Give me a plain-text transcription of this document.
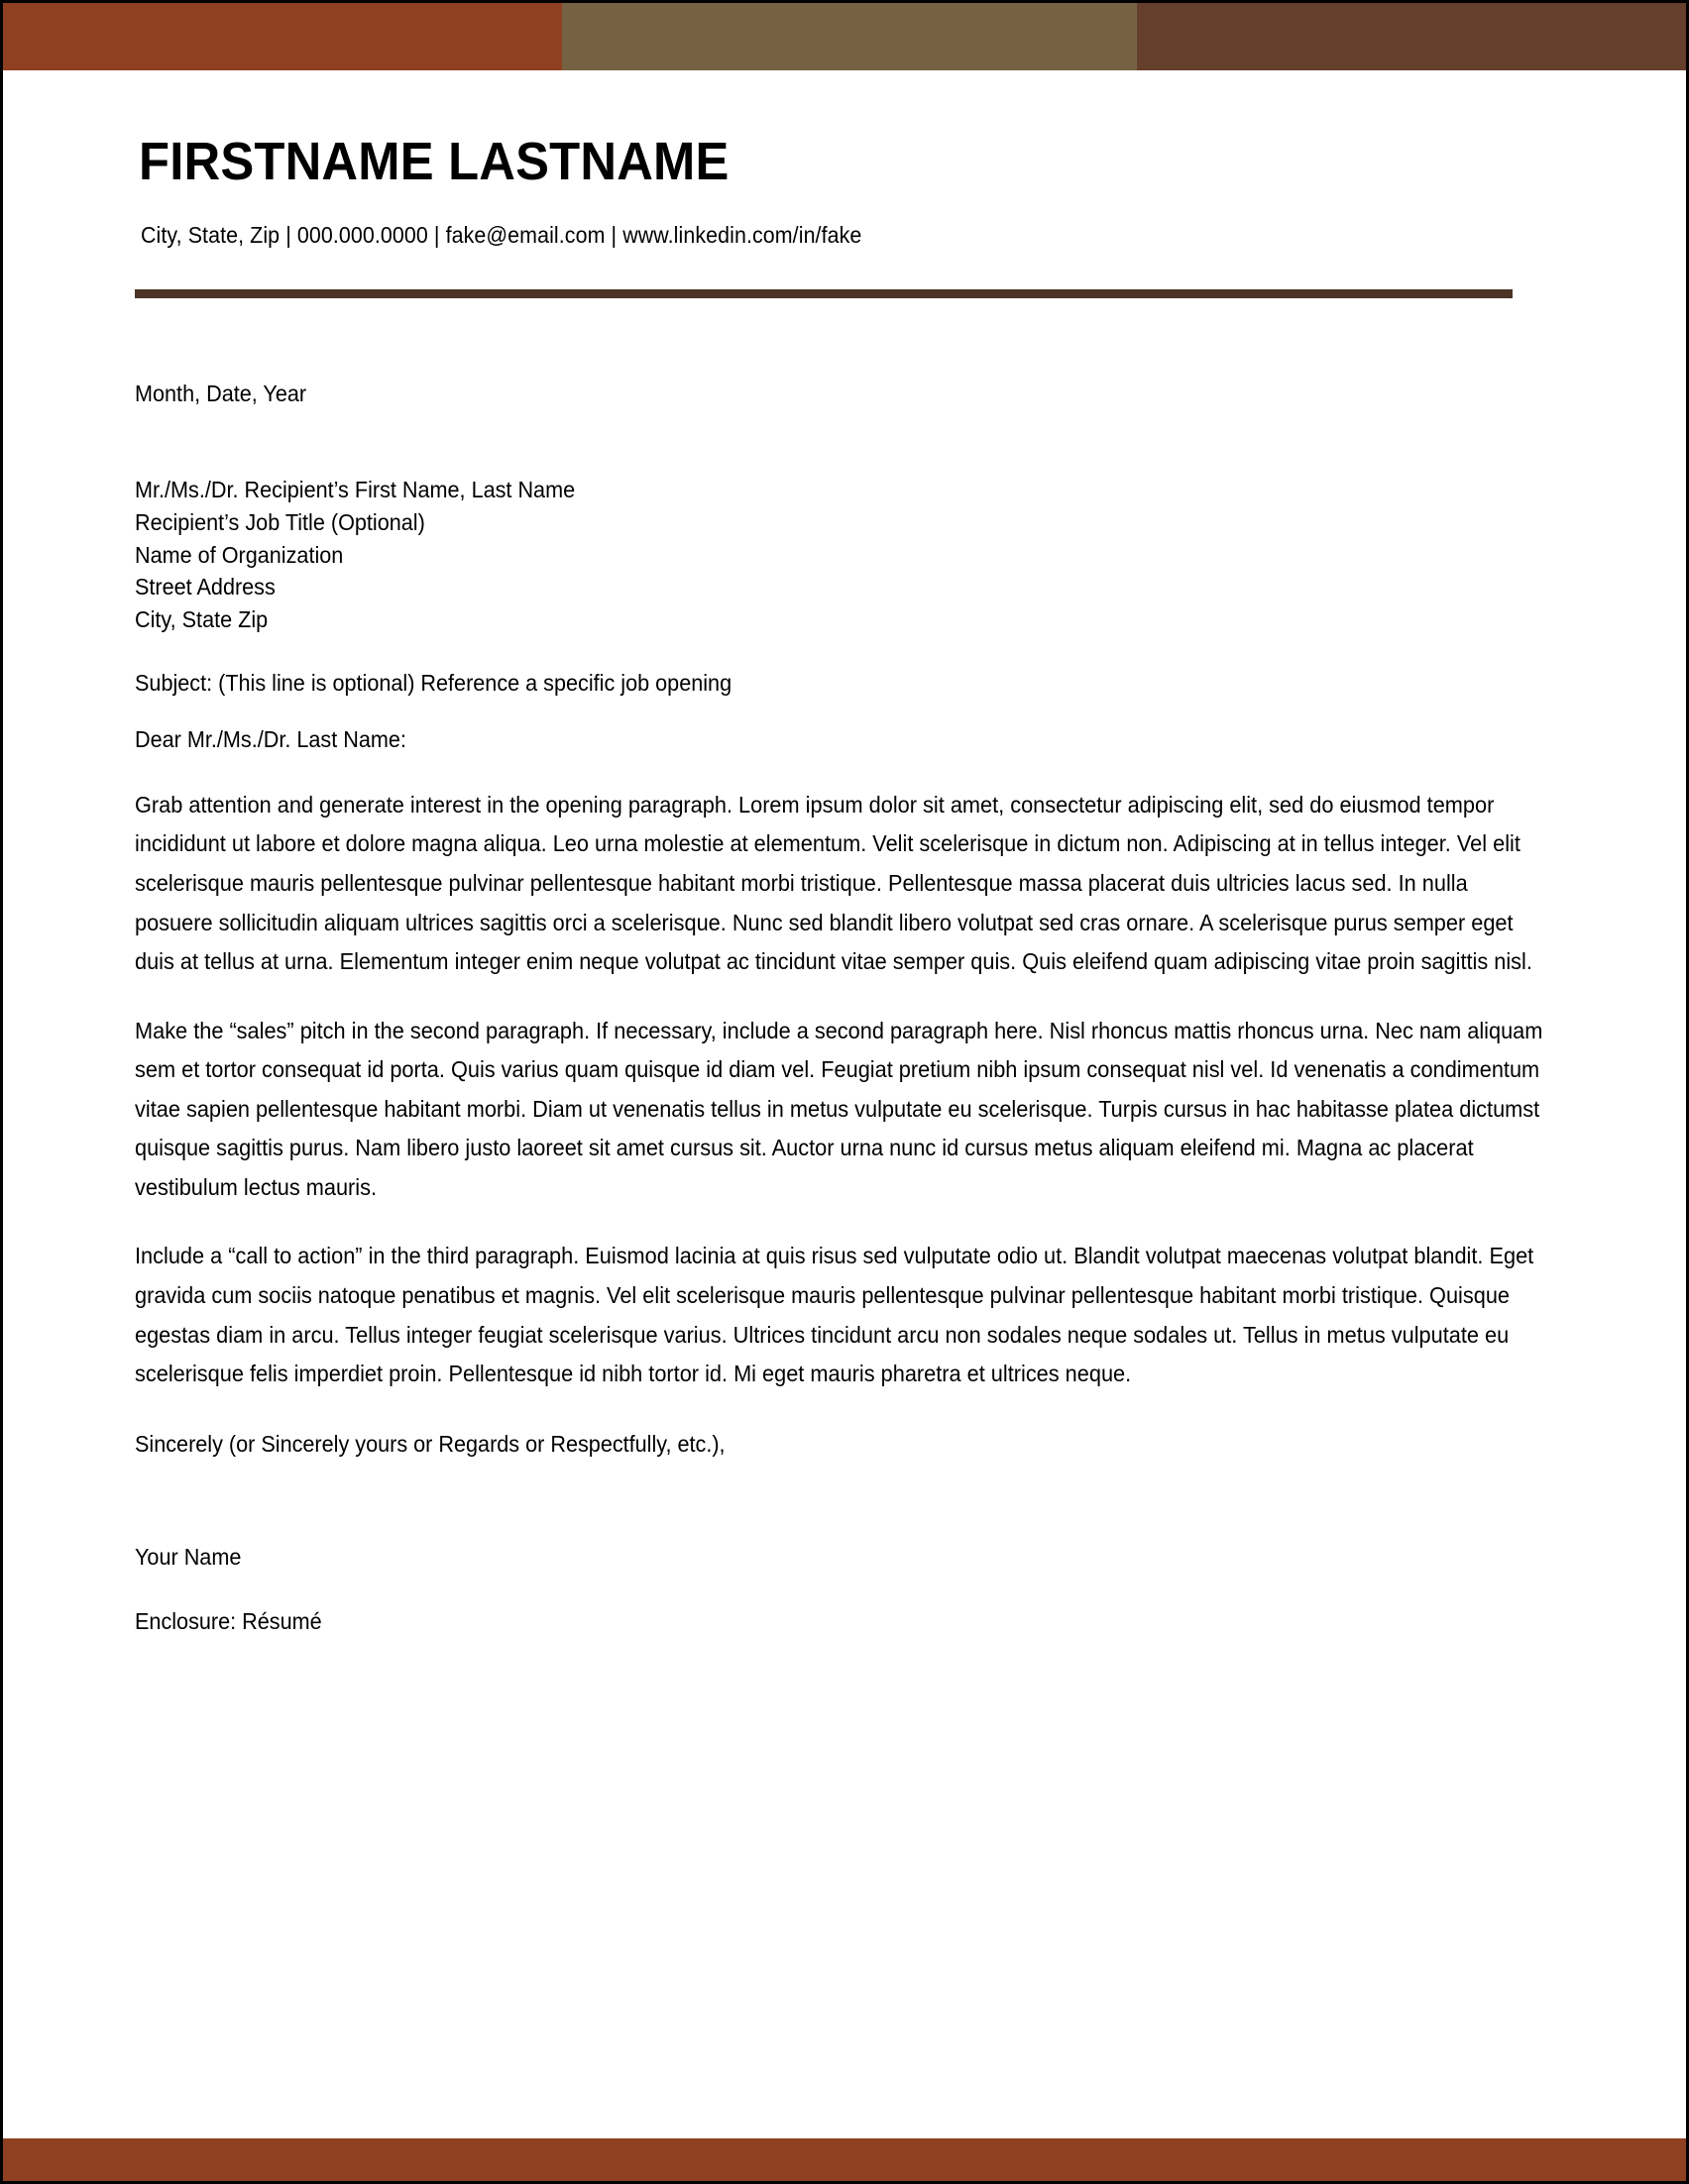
FIRSTNAME LASTNAME
City, State, Zip | 000.000.0000 | fake@email.com | www.linkedin.com/in/fake
Month, Date, Year
Mr./Ms./Dr. Recipient’s First Name, Last Name
Recipient’s Job Title (Optional)
Name of Organization
Street Address
City, State Zip
Subject: (This line is optional) Reference a specific job opening
Dear Mr./Ms./Dr. Last Name:

Grab attention and generate interest in the opening paragraph. Lorem ipsum dolor sit amet, consectetur adipiscing elit, sed do eiusmod tempor incididunt ut labore et dolore magna aliqua. Leo urna molestie at elementum. Velit scelerisque in dictum non. Adipiscing at in tellus integer. Vel elit scelerisque mauris pellentesque pulvinar pellentesque habitant morbi tristique. Pellentesque massa placerat duis ultricies lacus sed. In nulla posuere sollicitudin aliquam ultrices sagittis orci a scelerisque. Nunc sed blandit libero volutpat sed cras ornare. A scelerisque purus semper eget duis at tellus at urna. Elementum integer enim neque volutpat ac tincidunt vitae semper quis. Quis eleifend quam adipiscing vitae proin sagittis nisl.

Make the “sales” pitch in the second paragraph. If necessary, include a second paragraph here. Nisl rhoncus mattis rhoncus urna. Nec nam aliquam sem et tortor consequat id porta. Quis varius quam quisque id diam vel. Feugiat pretium nibh ipsum consequat nisl vel. Id venenatis a condimentum vitae sapien pellentesque habitant morbi. Diam ut venenatis tellus in metus vulputate eu scelerisque. Turpis cursus in hac habitasse platea dictumst quisque sagittis purus. Nam libero justo laoreet sit amet cursus sit. Auctor urna nunc id cursus metus aliquam eleifend mi. Magna ac placerat vestibulum lectus mauris.

Include a “call to action” in the third paragraph. Euismod lacinia at quis risus sed vulputate odio ut. Blandit volutpat maecenas volutpat blandit. Eget gravida cum sociis natoque penatibus et magnis. Vel elit scelerisque mauris pellentesque pulvinar pellentesque habitant morbi tristique. Quisque egestas diam in arcu. Tellus integer feugiat scelerisque varius. Ultrices tincidunt arcu non sodales neque sodales ut. Tellus in metus vulputate eu scelerisque felis imperdiet proin. Pellentesque id nibh tortor id. Mi eget mauris pharetra et ultrices neque.

Sincerely (or Sincerely yours or Regards or Respectfully, etc.),
Your Name
Enclosure: Résumé
